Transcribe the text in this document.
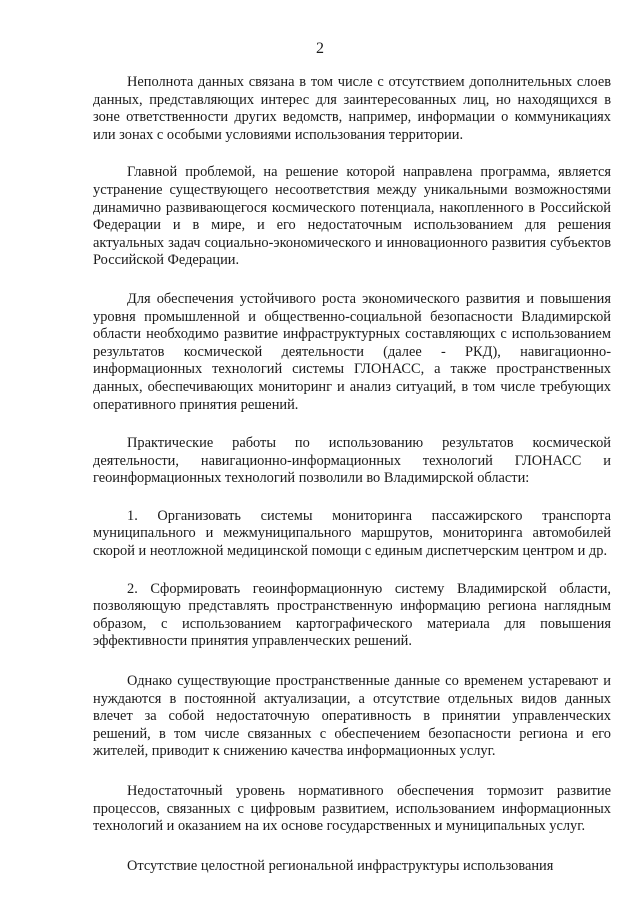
2

Неполнота данных связана в том числе с отсутствием дополнительных слоев данных, представляющих интерес для заинтересованных лиц, но находящихся в зоне ответственности других ведомств, например, информации о коммуникациях или зонах с особыми условиями использования территории.

Главной проблемой, на решение которой направлена программа, является устранение существующего несоответствия между уникальными возможностями динамично развивающегося космического потенциала, накопленного в Российской Федерации и в мире, и его недостаточным использованием для решения актуальных задач социально-экономического и инновационного развития субъектов Российской Федерации.

Для обеспечения устойчивого роста экономического развития и повышения уровня промышленной и общественно-социальной безопасности Владимирской области необходимо развитие инфраструктурных составляющих с использованием результатов космической деятельности (далее - РКД), навигационно-информационных технологий системы ГЛОНАСС, а также пространственных данных, обеспечивающих мониторинг и анализ ситуаций, в том числе требующих оперативного принятия решений.

Практические работы по использованию результатов космической деятельности, навигационно-информационных технологий ГЛОНАСС и геоинформационных технологий позволили во Владимирской области:

1. Организовать системы мониторинга пассажирского транспорта муниципального и межмуниципального маршрутов, мониторинга автомобилей скорой и неотложной медицинской помощи с единым диспетчерским центром и др.

2. Сформировать геоинформационную систему Владимирской области, позволяющую представлять пространственную информацию региона наглядным образом, с использованием картографического материала для повышения эффективности принятия управленческих решений.

Однако существующие пространственные данные со временем устаревают и нуждаются в постоянной актуализации, а отсутствие отдельных видов данных влечет за собой недостаточную оперативность в принятии управленческих решений, в том числе связанных с обеспечением безопасности региона и его жителей, приводит к снижению качества информационных услуг.

Недостаточный уровень нормативного обеспечения тормозит развитие процессов, связанных с цифровым развитием, использованием информационных технологий и оказанием на их основе государственных и муниципальных услуг.

Отсутствие целостной региональной инфраструктуры использования
